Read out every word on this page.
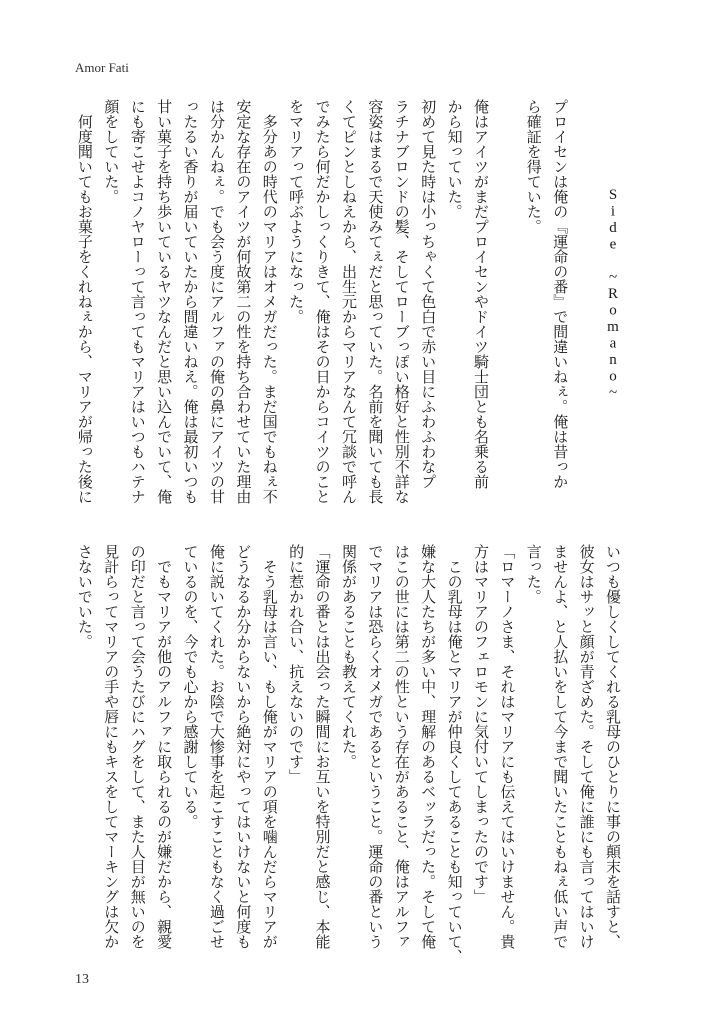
Amor Fati
Side ~Romano~
プロイセンは俺の『運命の番』で間違いねぇ。俺は昔っか
ら確証を得ていた。
俺はアイツがまだプロイセンやドイツ騎士団とも名乗る前
から知っていた。
初めて見た時は小っちゃくて色白で赤い目にふわふわなプ
ラチナブロンドの髪、そしてローブっぽい格好と性別不詳な
容姿はまるで天使みてぇだと思っていた。名前を聞いても長
くてピンとしねえから、出生元からマリアなんて冗談で呼ん
でみたら何だかしっくりきて、俺はその日からコイツのこと
をマリアって呼ぶようになった。
　多分あの時代のマリアはオメガだった。まだ国でもねぇ不
安定な存在のアイツが何故第二の性を持ち合わせていた理由
は分かんねぇ。でも会う度にアルファの俺の鼻にアイツの甘
ったるい香りが届いていたから間違いねえ。俺は最初いつも
甘い菓子を持ち歩いているヤツなんだと思い込んでいて、俺
にも寄こせよコノヤローって言ってもマリアはいつもハテナ
顔をしていた。
　何度聞いてもお菓子をくれねぇから、マリアが帰った後に
いつも優しくしてくれる乳母のひとりに事の顛末を話すと、
彼女はサッと顔が青ざめた。そして俺に誰にも言ってはいけ
ませんよ、と人払いをして今まで聞いたこともねぇ低い声で
言った。
「ロマーノさま、それはマリアにも伝えてはいけません。貴
方はマリアのフェロモンに気付いてしまったのです」
　この乳母は俺とマリアが仲良くしてあることも知っていて、
嫌な大人たちが多い中、理解のあるベッラだった。そして俺
はこの世には第二の性という存在があること、俺はアルファ
でマリアは恐らくオメガであるということ。運命の番という
関係があることも教えてくれた。
「運命の番とは出会った瞬間にお互いを特別だと感じ、本能
的に惹かれ合い、抗えないのです」
　そう乳母は言い、もし俺がマリアの項を噛んだらマリアが
どうなるか分からないから絶対にやってはいけないと何度も
俺に説いてくれた。お陰で大惨事を起こすこともなく過ごせ
ているのを、今でも心から感謝している。
　でもマリアが他のアルファに取られるのが嫌だから、親愛
の印だと言って会うたびにハグをして、また人目が無いのを
見計らってマリアの手や唇にもキスをしてマーキングは欠か
さないでいた。
13
